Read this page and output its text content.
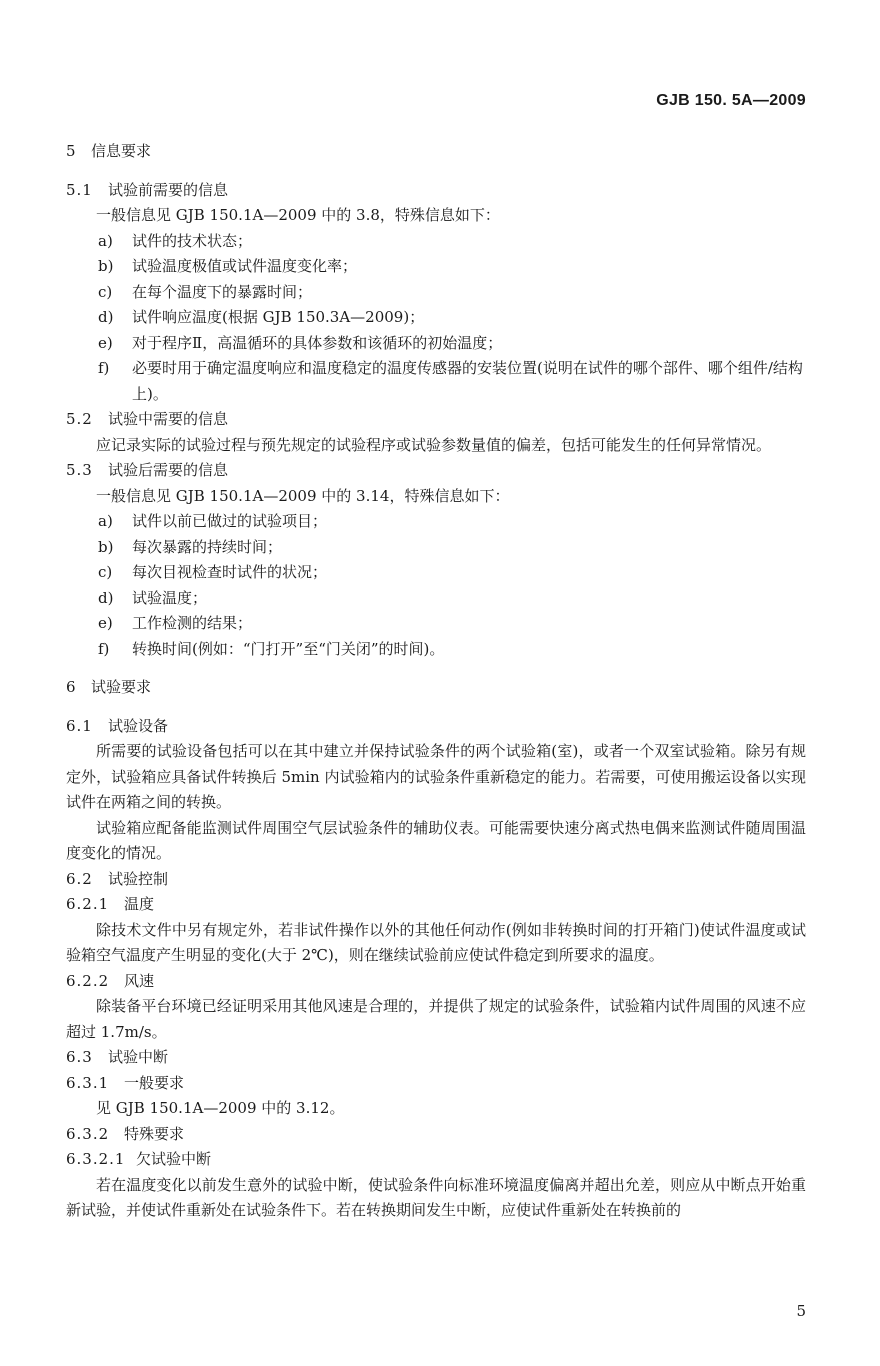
GJB 150. 5A—2009
5 信息要求
5.1 试验前需要的信息

一般信息见 GJB 150.1A—2009 中的 3.8，特殊信息如下：

a) 试件的技术状态；

b) 试验温度极值或试件温度变化率；

c) 在每个温度下的暴露时间；

d) 试件响应温度(根据 GJB 150.3A—2009)；

e) 对于程序Ⅱ，高温循环的具体参数和该循环的初始温度；

f) 必要时用于确定温度响应和温度稳定的温度传感器的安装位置(说明在试件的哪个部件、哪个组件/结构上)。

5.2 试验中需要的信息

应记录实际的试验过程与预先规定的试验程序或试验参数量值的偏差，包括可能发生的任何异常情况。

5.3 试验后需要的信息

一般信息见 GJB 150.1A—2009 中的 3.14，特殊信息如下：

a) 试件以前已做过的试验项目；

b) 每次暴露的持续时间；

c) 每次目视检查时试件的状况；

d) 试验温度；

e) 工作检测的结果；

f) 转换时间(例如：“门打开”至“门关闭”的时间)。

6 试验要求
6.1 试验设备

所需要的试验设备包括可以在其中建立并保持试验条件的两个试验箱(室)，或者一个双室试验箱。除另有规定外，试验箱应具备试件转换后 5min 内试验箱内的试验条件重新稳定的能力。若需要，可使用搬运设备以实现试件在两箱之间的转换。

试验箱应配备能监测试件周围空气层试验条件的辅助仪表。可能需要快速分离式热电偶来监测试件随周围温度变化的情况。

6.2 试验控制
6.2.1 温度

除技术文件中另有规定外，若非试件操作以外的其他任何动作(例如非转换时间的打开箱门)使试件温度或试验箱空气温度产生明显的变化(大于 2℃)，则在继续试验前应使试件稳定到所要求的温度。

6.2.2 风速

除装备平台环境已经证明采用其他风速是合理的，并提供了规定的试验条件，试验箱内试件周围的风速不应超过 1.7m/s。

6.3 试验中断
6.3.1 一般要求

见 GJB 150.1A—2009 中的 3.12。

6.3.2 特殊要求
6.3.2.1 欠试验中断

若在温度变化以前发生意外的试验中断，使试验条件向标准环境温度偏离并超出允差，则应从中断点开始重新试验，并使试件重新处在试验条件下。若在转换期间发生中断，应使试件重新处在转换前的

5
